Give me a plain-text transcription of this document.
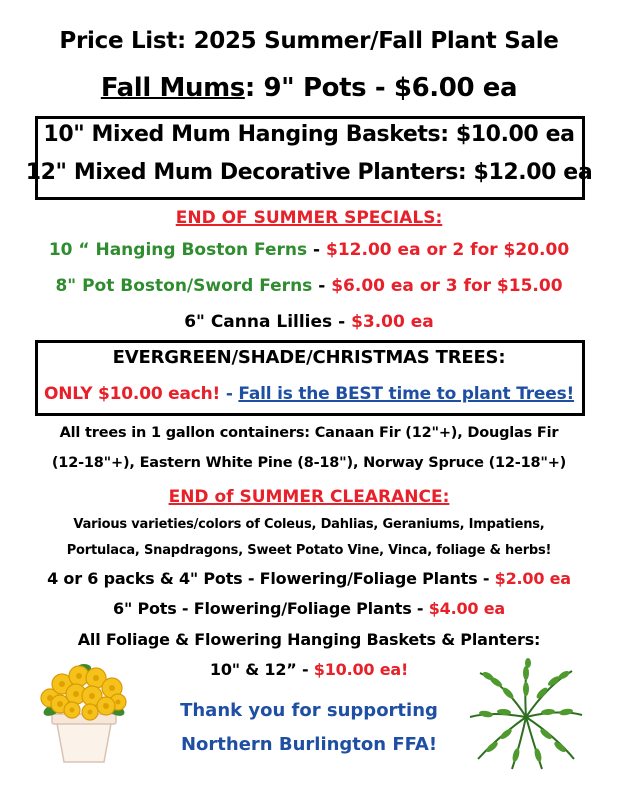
Price List: 2025 Summer/Fall Plant Sale
Fall Mums: 9" Pots - $6.00 ea
10" Mixed Mum Hanging Baskets: $10.00 ea
12" Mixed Mum Decorative Planters: $12.00 ea
END OF SUMMER SPECIALS:
10 “ Hanging Boston Ferns - $12.00 ea or 2 for $20.00
8" Pot Boston/Sword Ferns - $6.00 ea or 3 for $15.00
6" Canna Lillies - $3.00 ea
EVERGREEN/SHADE/CHRISTMAS TREES:
ONLY $10.00 each! - Fall is the BEST time to plant Trees!
All trees in 1 gallon containers: Canaan Fir (12"+), Douglas Fir
(12-18"+), Eastern White Pine (8-18"), Norway Spruce (12-18"+)
END of SUMMER CLEARANCE:
Various varieties/colors of Coleus, Dahlias, Geraniums, Impatiens,
Portulaca, Snapdragons, Sweet Potato Vine, Vinca, foliage & herbs!
4 or 6 packs & 4" Pots - Flowering/Foliage Plants - $2.00 ea
6" Pots - Flowering/Foliage Plants - $4.00 ea
All Foliage & Flowering Hanging Baskets & Planters:
10" & 12” - $10.00 ea!
Thank you for supporting
Northern Burlington FFA!
